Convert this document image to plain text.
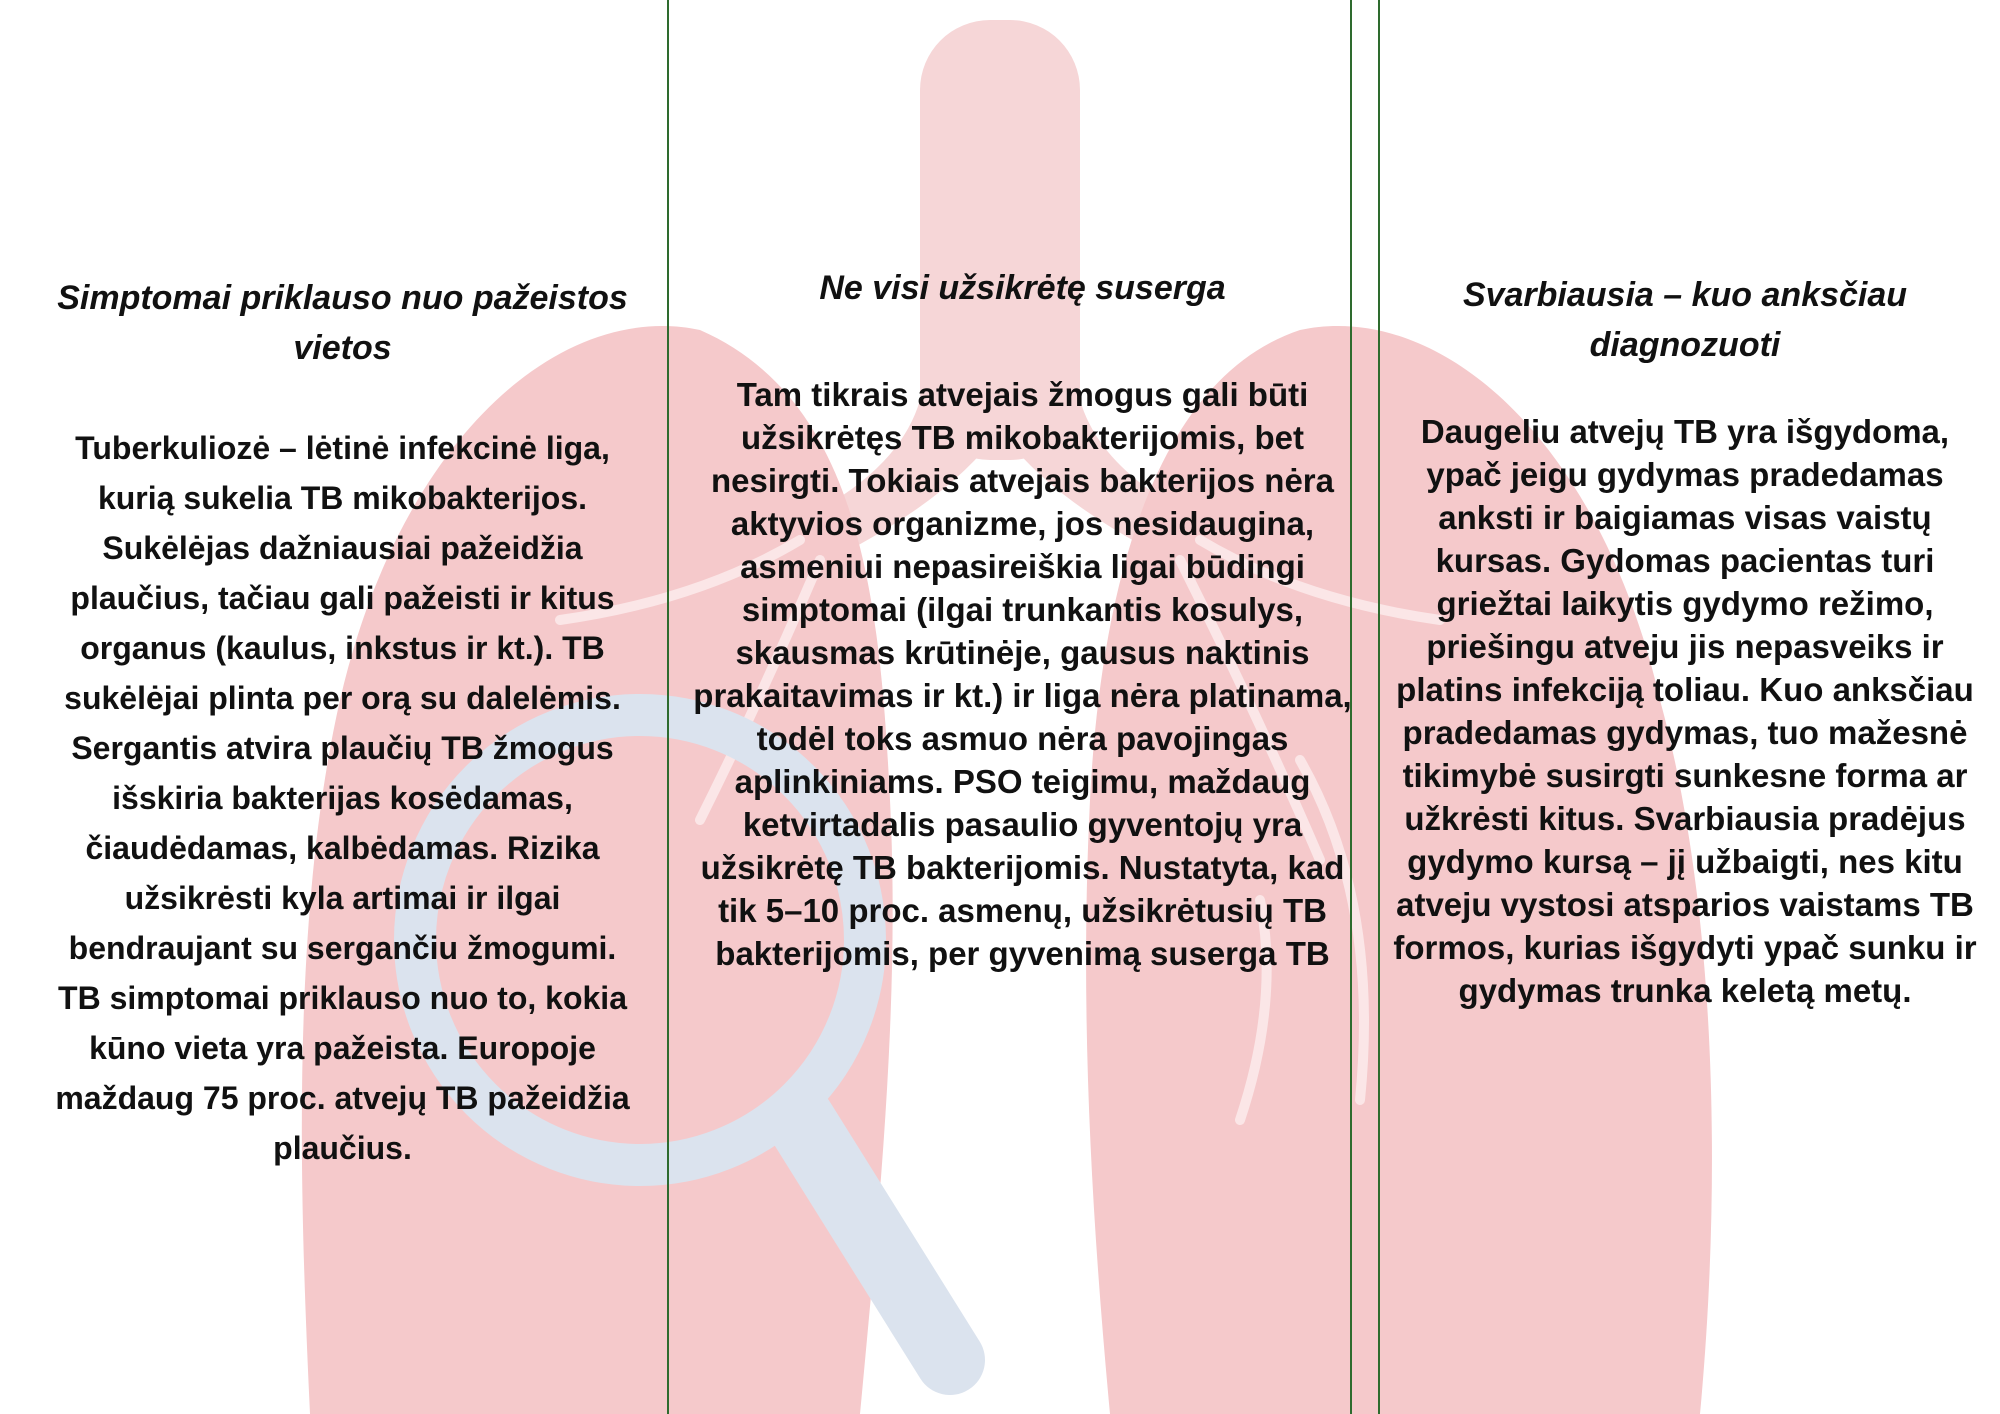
Simptomai priklauso nuo pažeistos vietos

Tuberkuliozė – lėtinė infekcinė liga, kurią sukelia TB mikobakterijos. Sukėlėjas dažniausiai pažeidžia plaučius, tačiau gali pažeisti ir kitus organus (kaulus, inkstus ir kt.). TB sukėlėjai plinta per orą su dalelėmis. Sergantis atvira plaučių TB žmogus išskiria bakterijas kosėdamas, čiaudėdamas, kalbėdamas. Rizika užsikrėsti kyla artimai ir ilgai bendraujant su sergančiu žmogumi.
TB simptomai priklauso nuo to, kokia kūno vieta yra pažeista. Europoje maždaug 75 proc. atvejų TB pažeidžia plaučius.

Ne visi užsikrėtę suserga

Tam tikrais atvejais žmogus gali būti užsikrėtęs TB mikobakterijomis, bet nesirgti. Tokiais atvejais bakterijos nėra aktyvios organizme, jos nesidaugina, asmeniui nepasireiškia ligai būdingi simptomai (ilgai trunkantis kosulys, skausmas krūtinėje, gausus naktinis prakaitavimas ir kt.) ir liga nėra platinama, todėl toks asmuo nėra pavojingas aplinkiniams. PSO teigimu, maždaug ketvirtadalis pasaulio gyventojų yra užsikrėtę TB bakterijomis. Nustatyta, kad tik 5–10 proc. asmenų, užsikrėtusių TB bakterijomis, per gyvenimą suserga TB

Svarbiausia – kuo anksčiau diagnozuoti

Daugeliu atvejų TB yra išgydoma, ypač jeigu gydymas pradedamas anksti ir baigiamas visas vaistų kursas. Gydomas pacientas turi griežtai laikytis gydymo režimo, priešingu atveju jis nepasveiks ir platins infekciją toliau. Kuo anksčiau pradedamas gydymas, tuo mažesnė tikimybė susirgti sunkesne forma ar užkrėsti kitus. Svarbiausia pradėjus gydymo kursą – jį užbaigti, nes kitu atveju vystosi atsparios vaistams TB formos, kurias išgydyti ypač sunku ir gydymas trunka keletą metų.
